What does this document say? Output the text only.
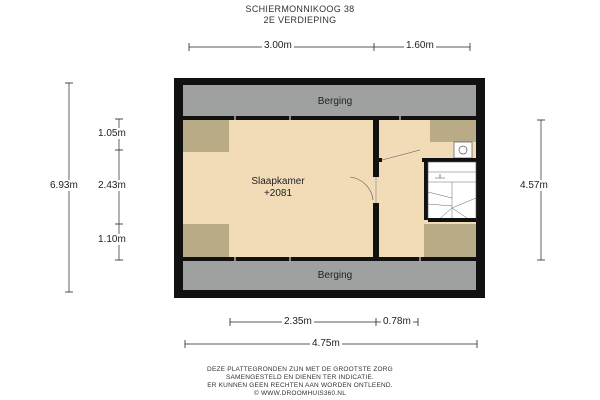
SCHIERMONNIKOOG 38
2E VERDIEPING
Berging
Berging
Slaapkamer
+2081
3.00m	1.60m
6.93m
1.05m
2.43m
1.10m
4.57m
2.35m	0.78m
4.75m
DEZE PLATTEGRONDEN ZIJN MET DE GROOTSTE ZORG
SAMENGESTELD EN DIENEN TER INDICATIE.
ER KUNNEN GEEN RECHTEN AAN WORDEN ONTLEEND.
© WWW.DROOMHUIS360.NL
